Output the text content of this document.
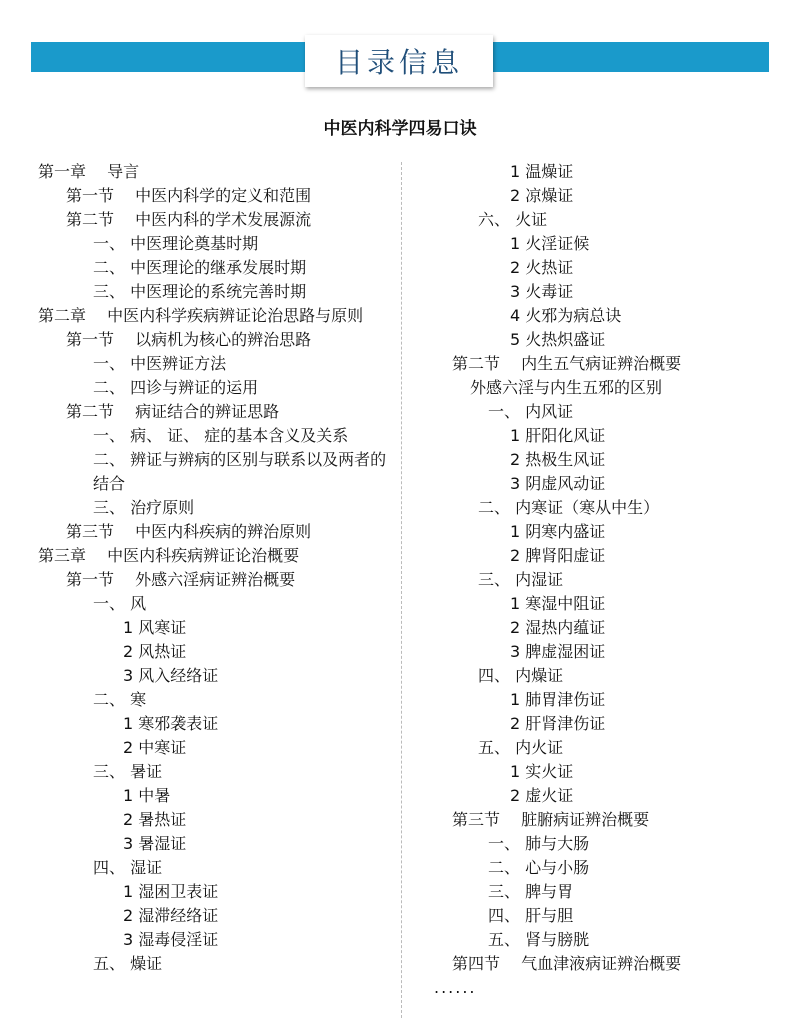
目录信息
中医内科学四易口诀
第一章　 导言
第一节　 中医内科学的定义和范围
第二节　 中医内科的学术发展源流
一、 中医理论奠基时期
二、 中医理论的继承发展时期
三、 中医理论的系统完善时期
第二章　 中医内科学疾病辨证论治思路与原则
第一节　 以病机为核心的辨治思路
一、 中医辨证方法
二、 四诊与辨证的运用
第二节　 病证结合的辨证思路
一、 病、 证、 症的基本含义及关系
二、 辨证与辨病的区别与联系以及两者的结合
三、 治疗原则
第三节　 中医内科疾病的辨治原则
第三章　 中医内科疾病辨证论治概要
第一节　 外感六淫病证辨治概要
一、 风
1 风寒证
2 风热证
3 风入经络证
二、 寒
1 寒邪袭表证
2 中寒证
三、 暑证
1 中暑
2 暑热证
3 暑湿证
四、 湿证
1 湿困卫表证
2 湿滞经络证
3 湿毒侵淫证
五、 燥证
1 温燥证
2 凉燥证
六、 火证
1 火淫证候
2 火热证
3 火毒证
4 火邪为病总诀
5 火热炽盛证
第二节　 内生五气病证辨治概要
外感六淫与内生五邪的区别
一、 内风证
1 肝阳化风证
2 热极生风证
3 阴虚风动证
二、 内寒证（寒从中生）
1 阴寒内盛证
2 脾肾阳虚证
三、 内湿证
1 寒湿中阻证
2 湿热内蕴证
3 脾虚湿困证
四、 内燥证
1 肺胃津伤证
2 肝肾津伤证
五、 内火证
1 实火证
2 虚火证
第三节　 脏腑病证辨治概要
一、 肺与大肠
二、 心与小肠
三、 脾与胃
四、 肝与胆
五、 肾与膀胱
第四节　 气血津液病证辨治概要
......
